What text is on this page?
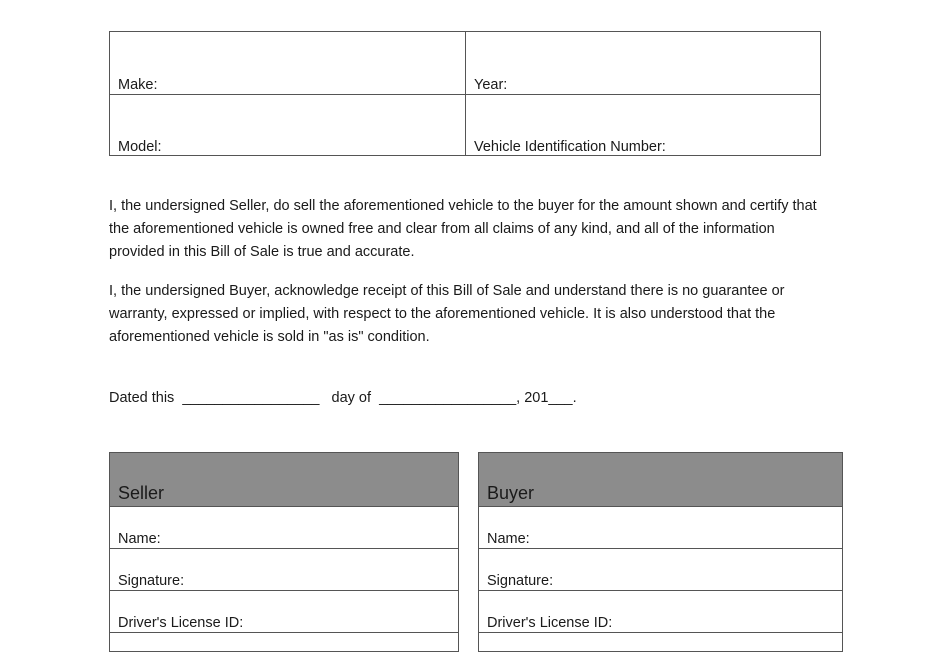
Make:	Year:
Model:	Vehicle Identification Number:

I, the undersigned Seller, do sell the aforementioned vehicle to the buyer for the amount shown and certify that the aforementioned vehicle is owned free and clear from all claims of any kind, and all of the information provided in this Bill of Sale is true and accurate.

I, the undersigned Buyer, acknowledge receipt of this Bill of Sale and understand there is no guarantee or warranty, expressed or implied, with respect to the aforementioned vehicle. It is also understood that the aforementioned vehicle is sold in "as is" condition.

Dated this  _________________   day of  _________________, 201___.
Seller
Name:
Signature:
Driver's License ID:
Buyer
Name:
Signature:
Driver's License ID:
